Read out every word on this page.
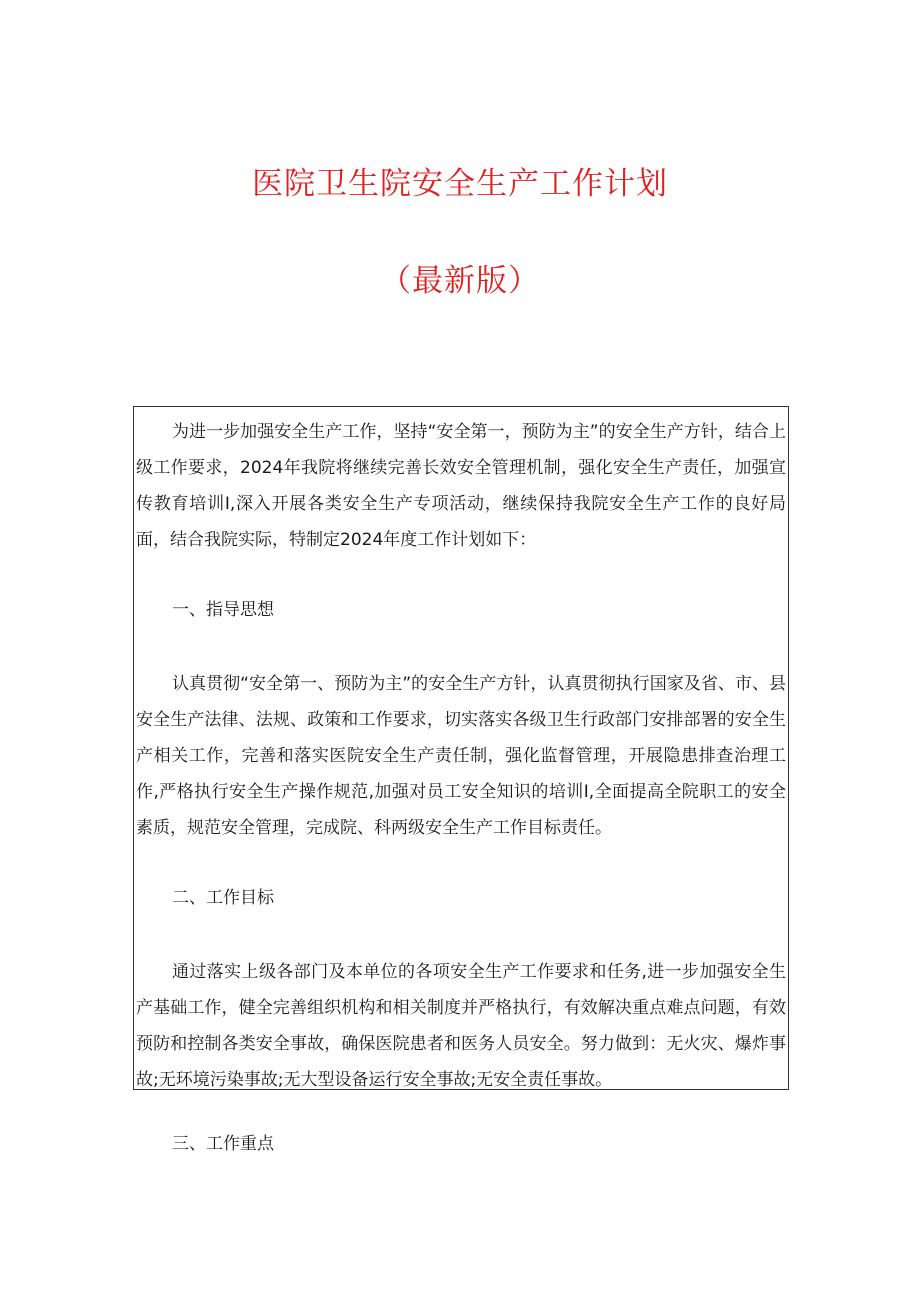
医院卫生院安全生产工作计划
（最新版）

为进一步加强安全生产工作，坚持“安全第一，预防为主”的安全生产方针，结合上级工作要求，2024年我院将继续完善长效安全管理机制，强化安全生产责任，加强宣传教育培训I,深入开展各类安全生产专项活动，继续保持我院安全生产工作的良好局面，结合我院实际，特制定2024年度工作计划如下：

一、指导思想

认真贯彻“安全第一、预防为主”的安全生产方针，认真贯彻执行国家及省、市、县安全生产法律、法规、政策和工作要求，切实落实各级卫生行政部门安排部署的安全生产相关工作，完善和落实医院安全生产责任制，强化监督管理，开展隐患排查治理工作,严格执行安全生产操作规范,加强对员工安全知识的培训I,全面提高全院职工的安全素质，规范安全管理，完成院、科两级安全生产工作目标责任。

二、工作目标

通过落实上级各部门及本单位的各项安全生产工作要求和任务,进一步加强安全生产基础工作，健全完善组织机构和相关制度并严格执行，有效解决重点难点问题，有效预防和控制各类安全事故，确保医院患者和医务人员安全。努力做到：无火灾、爆炸事故;无环境污染事故;无大型设备运行安全事故;无安全责任事故。

三、工作重点
